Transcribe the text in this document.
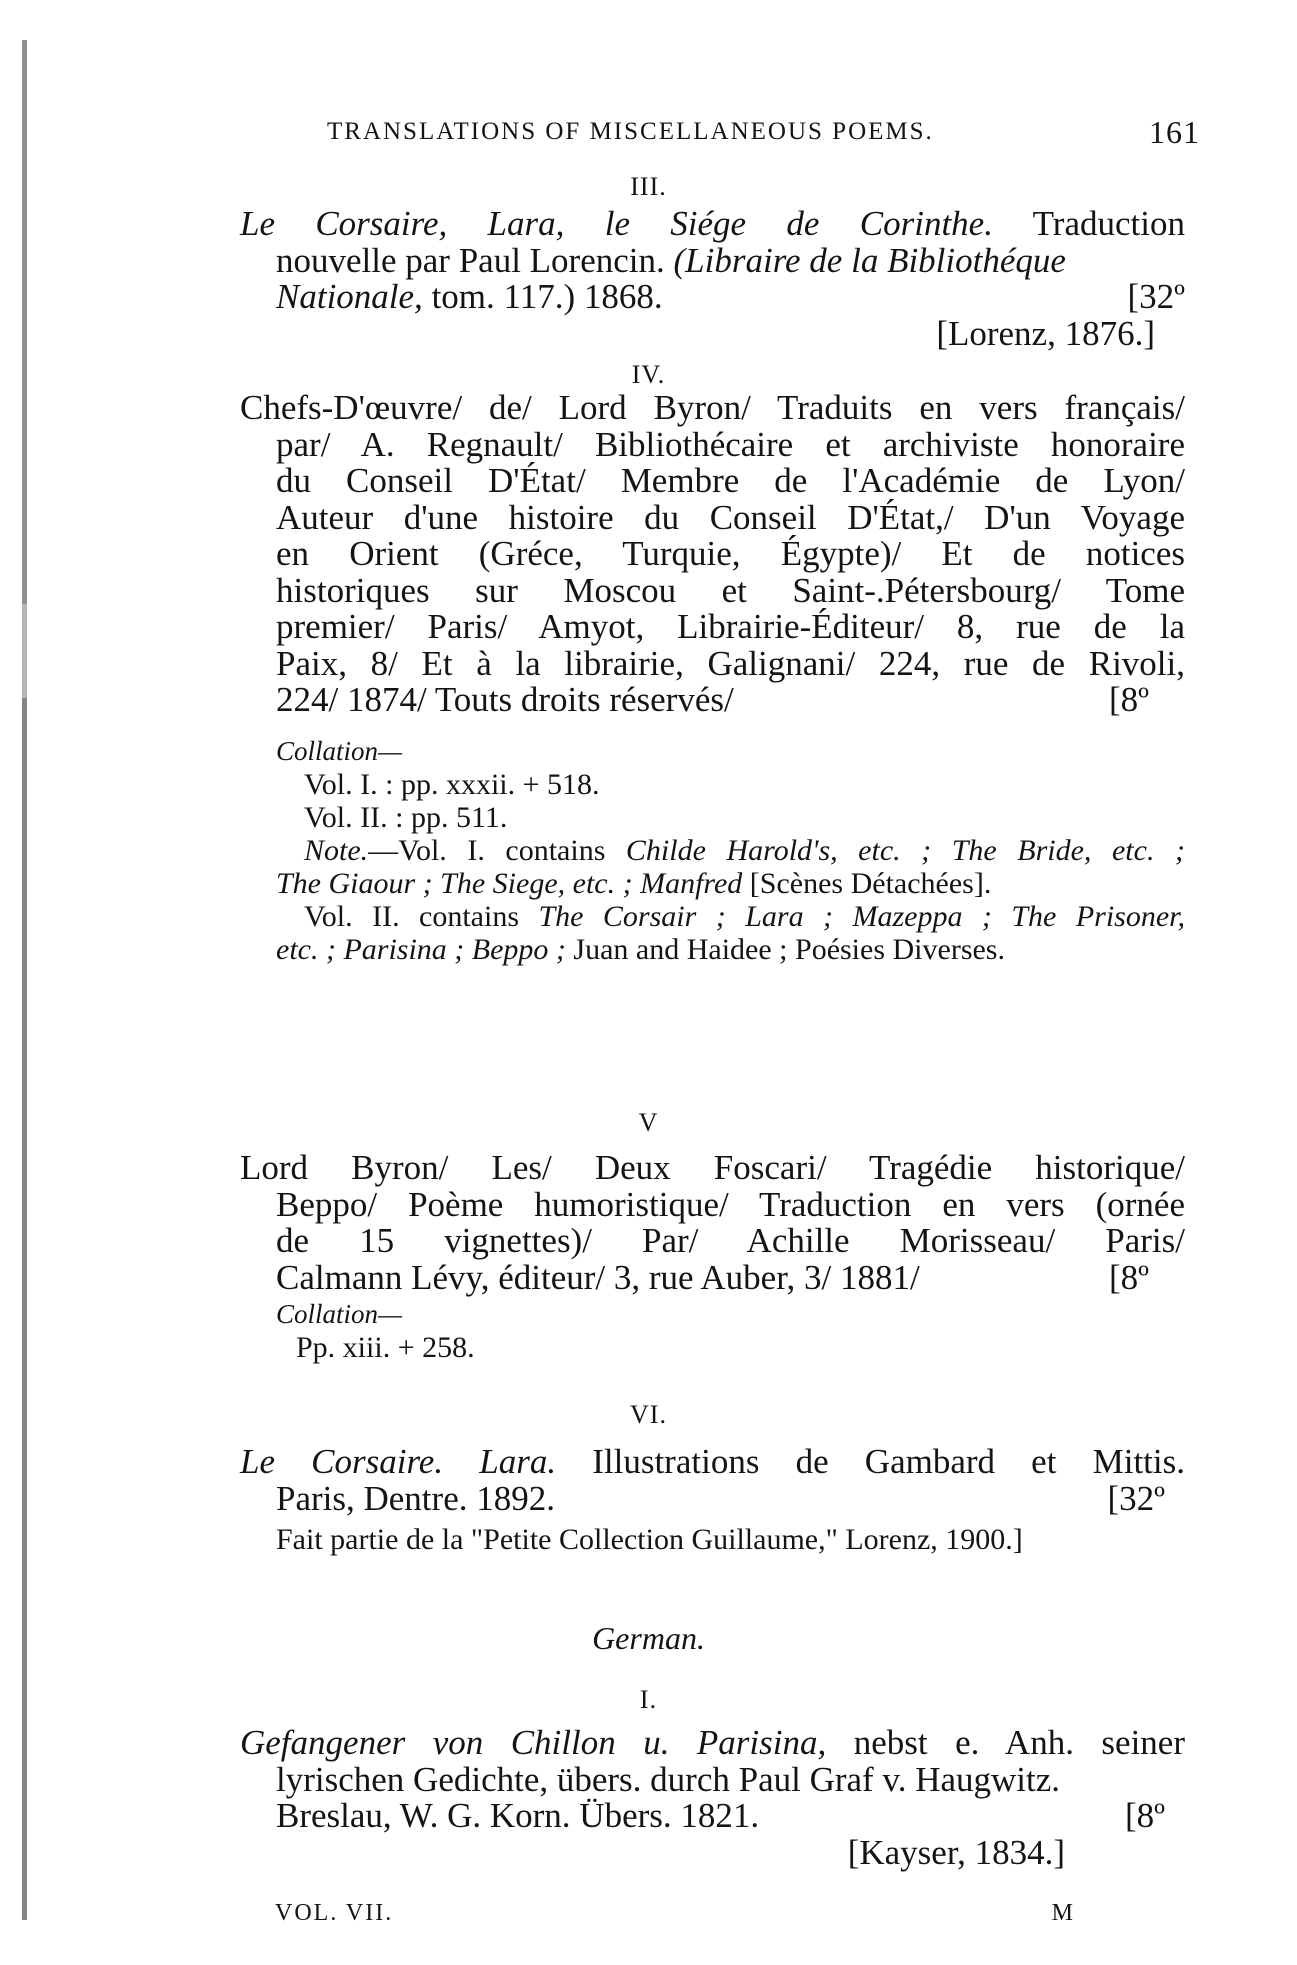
TRANSLATIONS OF MISCELLANEOUS POEMS.	161
III.
Le Corsaire, Lara, le Siége de Corinthe. Traduction
nouvelle par Paul Lorencin. (Libraire de la Bibliothéque
Nationale, tom. 117.) 1868.	[32º
[Lorenz, 1876.]
IV.
Chefs-D'œuvre/ de/ Lord Byron/ Traduits en vers français/
par/ A. Regnault/ Bibliothécaire et archiviste honoraire
du Conseil D'État/ Membre de l'Académie de Lyon/
Auteur d'une histoire du Conseil D'État,/ D'un Voyage
en Orient (Gréce, Turquie, Égypte)/ Et de notices
historiques sur Moscou et Saint-.Pétersbourg/ Tome
premier/ Paris/ Amyot, Librairie-Éditeur/ 8, rue de la
Paix, 8/ Et à la librairie, Galignani/ 224, rue de Rivoli,
224/ 1874/ Touts droits réservés/	[8º
Collation—
Vol. I. : pp. xxxii. + 518.
Vol. II. : pp. 511.
Note.—Vol. I. contains Childe Harold's, etc. ; The Bride, etc. ;
The Giaour ; The Siege, etc. ; Manfred [Scènes Détachées].
Vol. II. contains The Corsair ; Lara ; Mazeppa ; The Prisoner,
etc. ; Parisina ; Beppo ; Juan and Haidee ; Poésies Diverses.
V
Lord Byron/ Les/ Deux Foscari/ Tragédie historique/
Beppo/ Poème humoristique/ Traduction en vers (ornée
de 15 vignettes)/ Par/ Achille Morisseau/ Paris/
Calmann Lévy, éditeur/ 3, rue Auber, 3/ 1881/	[8º
Collation—
Pp. xiii. + 258.
VI.
Le Corsaire. Lara. Illustrations de Gambard et Mittis.
Paris, Dentre. 1892.	[32º
Fait partie de la "Petite Collection Guillaume," Lorenz, 1900.]
German.
I.
Gefangener von Chillon u. Parisina, nebst e. Anh. seiner
lyrischen Gedichte, übers. durch Paul Graf v. Haugwitz.
Breslau, W. G. Korn. Übers. 1821.	[8º
[Kayser, 1834.]
VOL. VII.	M
